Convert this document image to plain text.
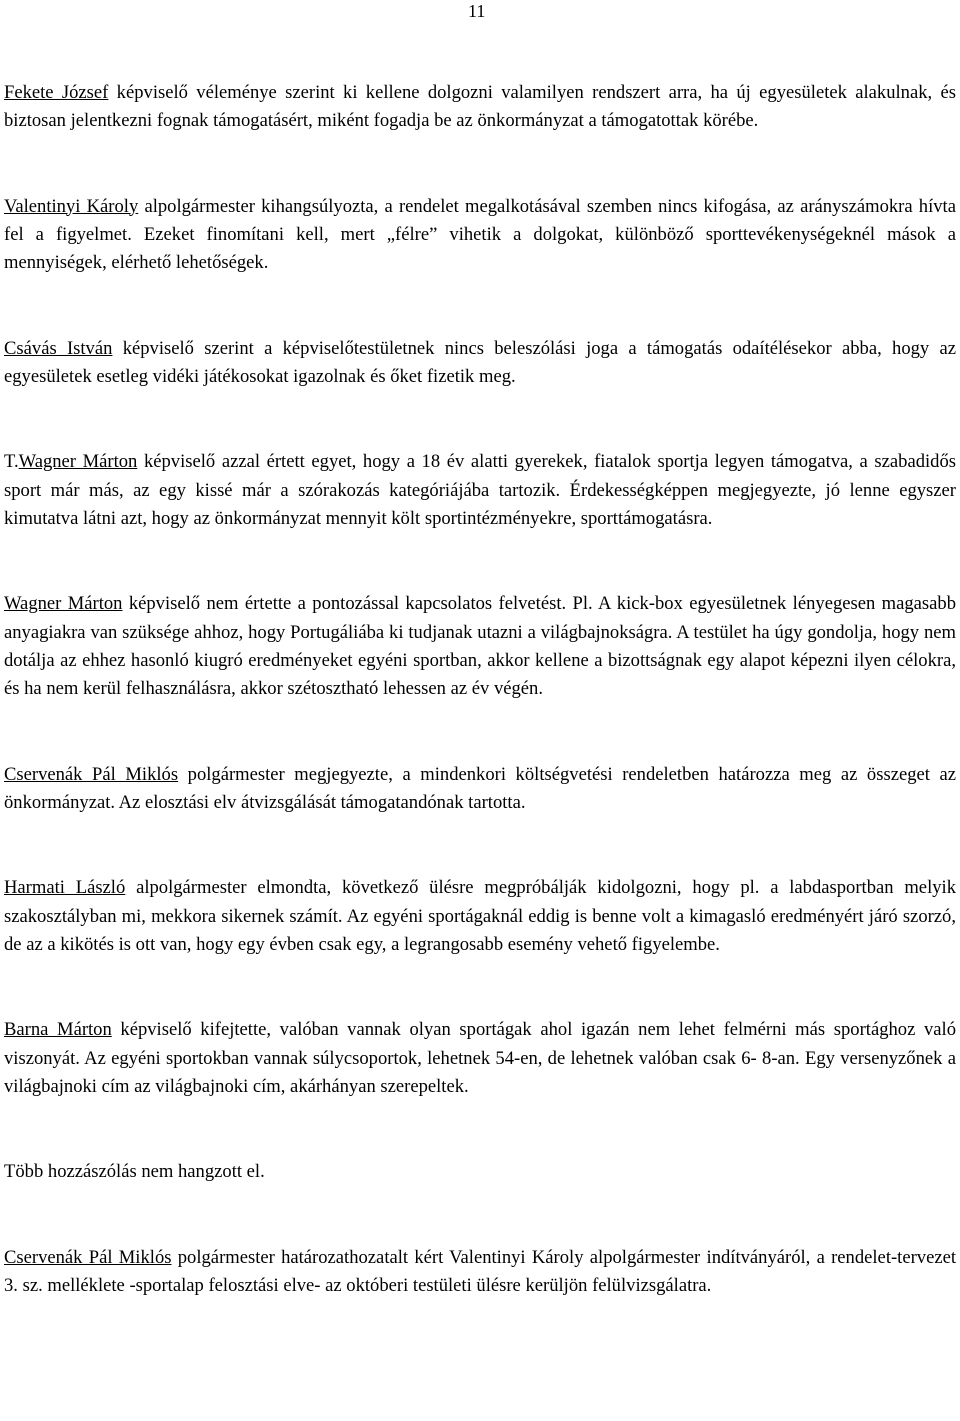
11

Fekete József képviselő véleménye szerint ki kellene dolgozni valamilyen rendszert arra, ha új egyesületek alakulnak, és biztosan jelentkezni fognak támogatásért, miként fogadja be az önkormányzat a támogatottak körébe.

Valentinyi Károly alpolgármester kihangsúlyozta, a rendelet megalkotásával szemben nincs kifogása, az arányszámokra hívta fel a figyelmet. Ezeket finomítani kell, mert „félre” vihetik a dolgokat, különböző sporttevékenységeknél mások a mennyiségek, elérhető lehetőségek.

Csávás István képviselő szerint a képviselőtestületnek nincs beleszólási joga a támogatás odaítélésekor abba, hogy az egyesületek esetleg vidéki játékosokat igazolnak és őket fizetik meg.

T.Wagner Márton képviselő azzal értett egyet, hogy a 18 év alatti gyerekek, fiatalok sportja legyen támogatva, a szabadidős sport már más, az egy kissé már a szórakozás kategóriájába tartozik. Érdekességképpen megjegyezte, jó lenne egyszer kimutatva látni azt, hogy az önkormányzat mennyit költ sportintézményekre, sporttámogatásra.

Wagner Márton képviselő nem értette a pontozással kapcsolatos felvetést. Pl. A kick-box egyesületnek lényegesen magasabb anyagiakra van szüksége ahhoz, hogy Portugáliába ki tudjanak utazni a világbajnokságra. A testület ha úgy gondolja, hogy nem dotálja az ehhez hasonló kiugró eredményeket egyéni sportban, akkor kellene a bizottságnak egy alapot képezni ilyen célokra, és ha nem kerül felhasználásra, akkor szétosztható lehessen az év végén.

Cservenák Pál Miklós polgármester megjegyezte, a mindenkori költségvetési rendeletben határozza meg az összeget az önkormányzat. Az elosztási elv átvizsgálását támogatandónak tartotta.

Harmati László alpolgármester elmondta, következő ülésre megpróbálják kidolgozni, hogy pl. a labdasportban melyik szakosztályban mi, mekkora sikernek számít. Az egyéni sportágaknál eddig is benne volt a kimagasló eredményért járó szorzó, de az a kikötés is ott van, hogy egy évben csak egy, a legrangosabb esemény vehető figyelembe.

Barna Márton képviselő kifejtette, valóban vannak olyan sportágak ahol igazán nem lehet felmérni más sportághoz való viszonyát. Az egyéni sportokban vannak súlycsoportok, lehetnek 54-en, de lehetnek valóban csak 6- 8-an. Egy versenyzőnek a világbajnoki cím az világbajnoki cím, akárhányan szerepeltek.

Több hozzászólás nem hangzott el.

Cservenák Pál Miklós polgármester határozathozatalt kért Valentinyi Károly alpolgármester indítványáról, a rendelet-tervezet 3. sz. melléklete -sportalap felosztási elve- az októberi testületi ülésre kerüljön felülvizsgálatra.
